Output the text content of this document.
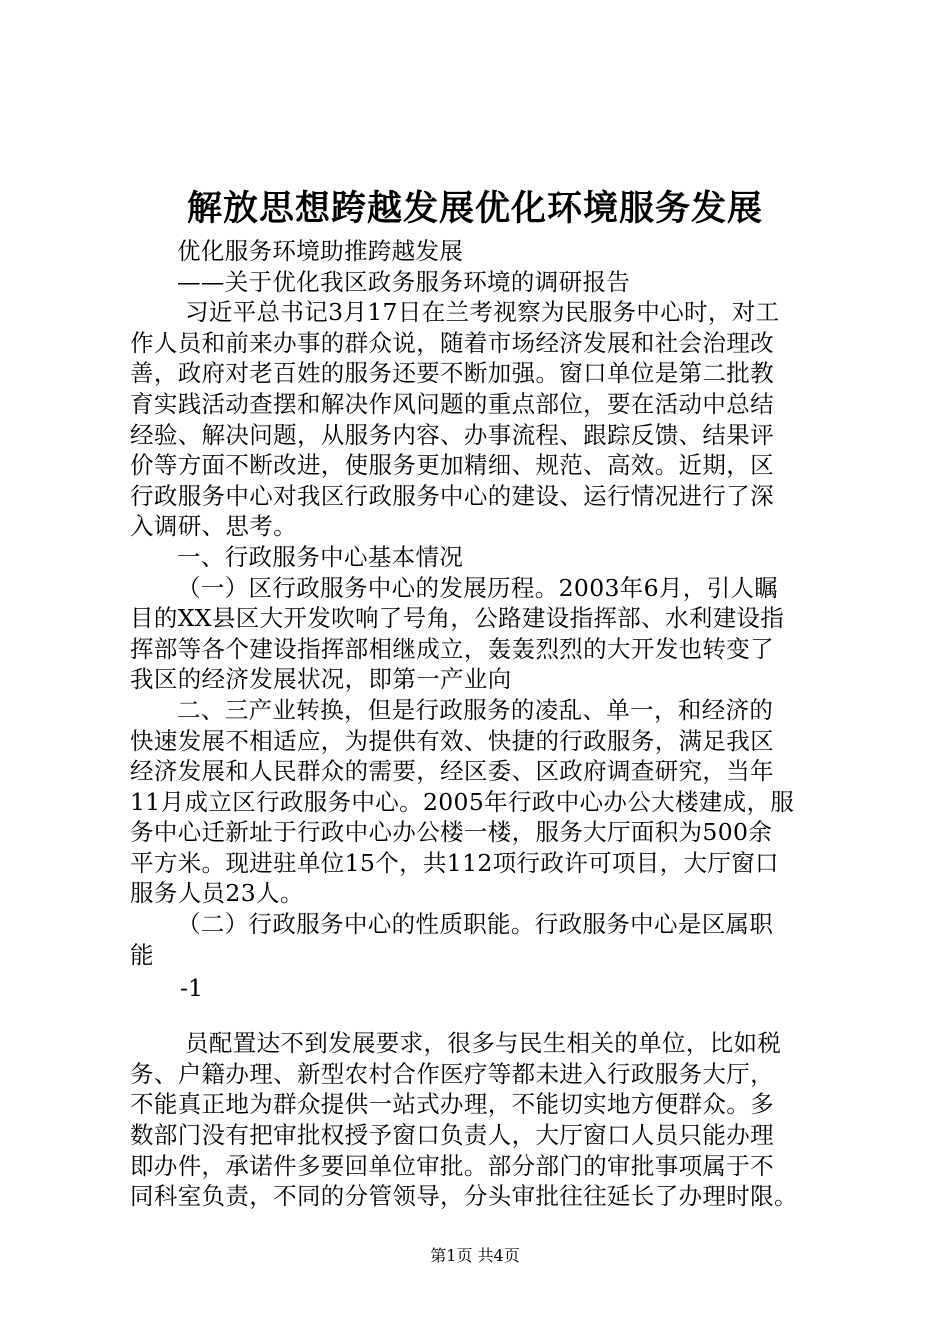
解放思想跨越发展优化环境服务发展
优化服务环境助推跨越发展
——关于优化我区政务服务环境的调研报告
习近平总书记3月17日在兰考视察为民服务中心时，对工
作人员和前来办事的群众说，随着市场经济发展和社会治理改
善，政府对老百姓的服务还要不断加强。窗口单位是第二批教
育实践活动查摆和解决作风问题的重点部位，要在活动中总结
经验、解决问题，从服务内容、办事流程、跟踪反馈、结果评
价等方面不断改进，使服务更加精细、规范、高效。近期，区
行政服务中心对我区行政服务中心的建设、运行情况进行了深
入调研、思考。
一、行政服务中心基本情况
（一）区行政服务中心的发展历程。2003年6月，引人瞩
目的XX县区大开发吹响了号角，公路建设指挥部、水利建设指
挥部等各个建设指挥部相继成立，轰轰烈烈的大开发也转变了
我区的经济发展状况，即第一产业向
二、三产业转换，但是行政服务的凌乱、单一，和经济的
快速发展不相适应，为提供有效、快捷的行政服务，满足我区
经济发展和人民群众的需要，经区委、区政府调查研究，当年
11月成立区行政服务中心。2005年行政中心办公大楼建成，服
务中心迁新址于行政中心办公楼一楼，服务大厅面积为500余
平方米。现进驻单位15个，共112项行政许可项目，大厅窗口
服务人员23人。
（二）行政服务中心的性质职能。行政服务中心是区属职
能
-1
员配置达不到发展要求，很多与民生相关的单位，比如税
务、户籍办理、新型农村合作医疗等都未进入行政服务大厅，
不能真正地为群众提供一站式办理，不能切实地方便群众。多
数部门没有把审批权授予窗口负责人，大厅窗口人员只能办理
即办件，承诺件多要回单位审批。部分部门的审批事项属于不
同科室负责，不同的分管领导，分头审批往往延长了办理时限。
第1页 共4页
